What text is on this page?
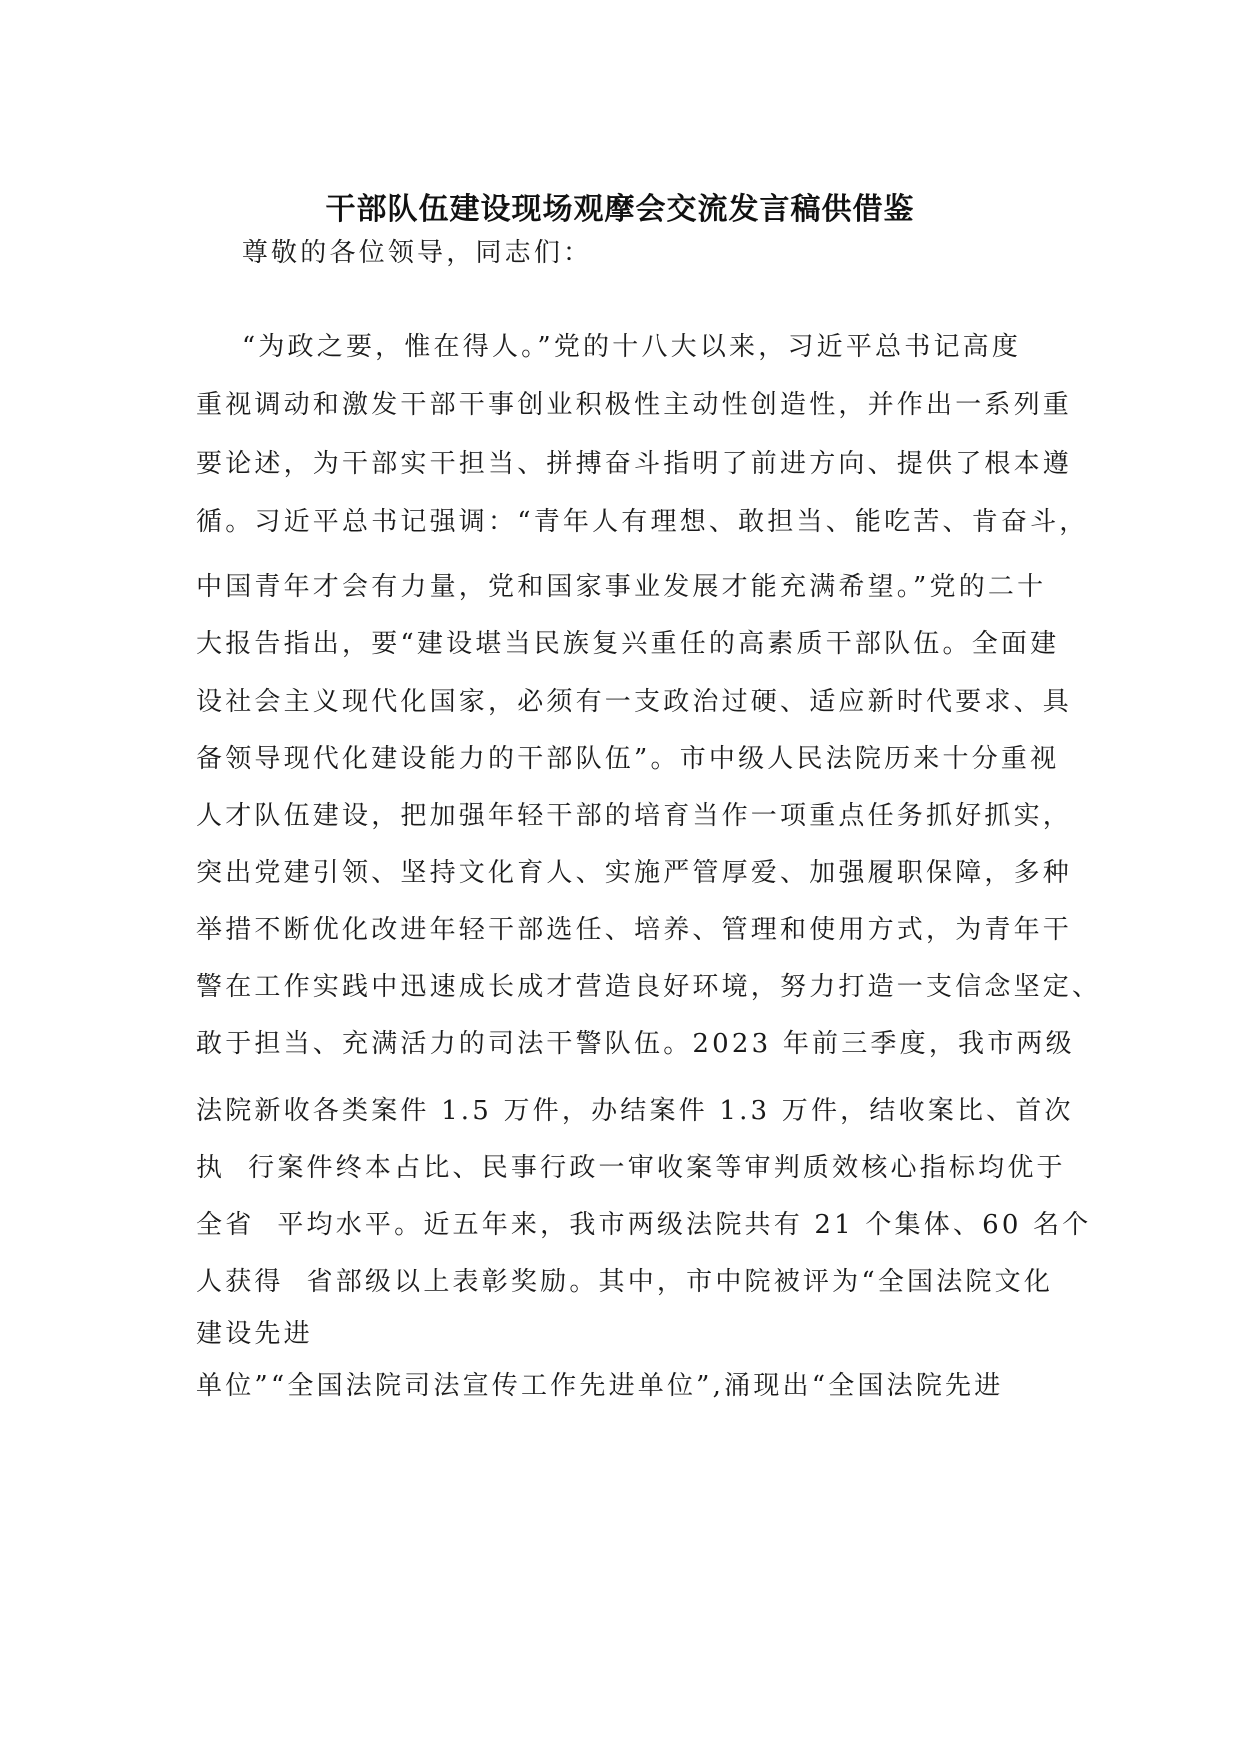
干部队伍建设现场观摩会交流发言稿供借鉴
尊敬的各位领导，同志们：
“为政之要，惟在得人。”党的十八大以来，习近平总书记高度
重视调动和激发干部干事创业积极性主动性创造性，并作出一系列重
要论述，为干部实干担当、拼搏奋斗指明了前进方向、提供了根本遵
循。习近平总书记强调：“青年人有理想、敢担当、能吃苦、肯奋斗，
中国青年才会有力量，党和国家事业发展才能充满希望。”党的二十
大报告指出，要“建设堪当民族复兴重任的高素质干部队伍。全面建
设社会主义现代化国家，必须有一支政治过硬、适应新时代要求、具
备领导现代化建设能力的干部队伍”。市中级人民法院历来十分重视
人才队伍建设，把加强年轻干部的培育当作一项重点任务抓好抓实，
突出党建引领、坚持文化育人、实施严管厚爱、加强履职保障，多种
举措不断优化改进年轻干部选任、培养、管理和使用方式，为青年干
警在工作实践中迅速成长成才营造良好环境，努力打造一支信念坚定、
敢于担当、充满活力的司法干警队伍。2023 年前三季度，我市两级
法院新收各类案件 1.5 万件，办结案件 1.3 万件，结收案比、首次
执  行案件终本占比、民事行政一审收案等审判质效核心指标均优于
全省  平均水平。近五年来，我市两级法院共有 21 个集体、60 名个
人获得  省部级以上表彰奖励。其中，市中院被评为“全国法院文化
建设先进
单位”“全国法院司法宣传工作先进单位”,涌现出“全国法院先进
